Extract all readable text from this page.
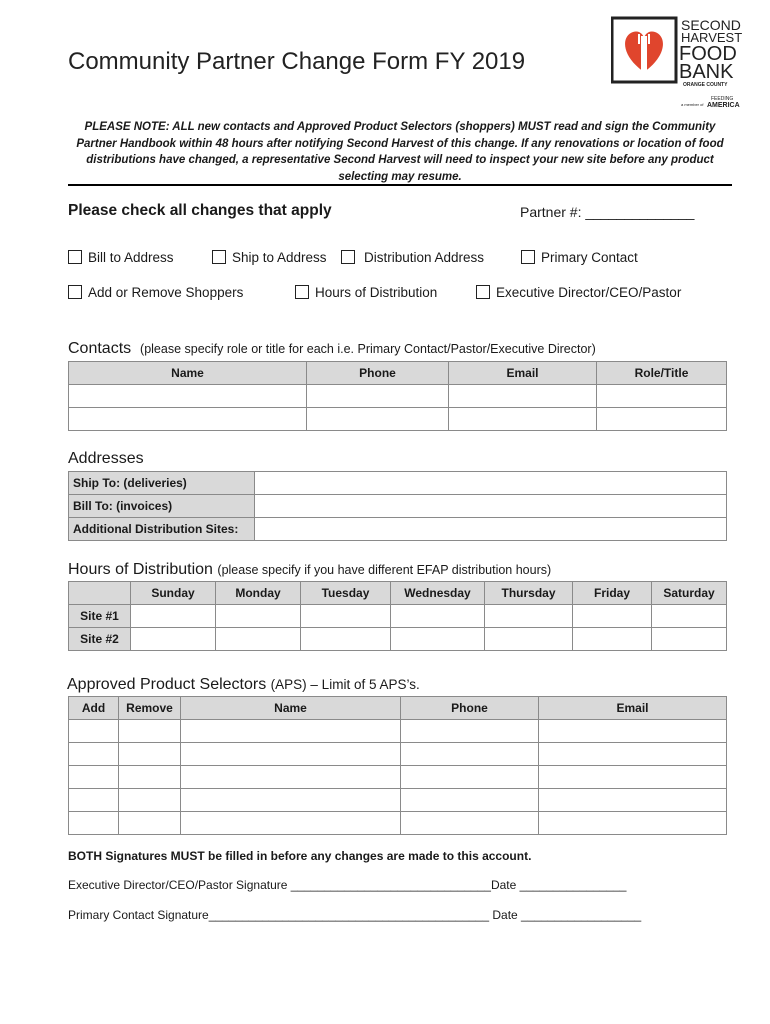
Community Partner Change Form FY 2019
SECOND
HARVEST
FOOD
BANK
ORANGE COUNTY
a member of
FEEDING
AMERICA
PLEASE NOTE: ALL new contacts and Approved Product Selectors (shoppers) MUST read and sign the Community Partner Handbook within 48 hours after notifying Second Harvest of this change. If any renovations or location of food distributions have changed, a representative Second Harvest will need to inspect your new site before any product selecting may resume.
Please check all changes that apply	Partner #: ______________
Bill to Address	Ship to Address	Distribution Address	Primary Contact
Add or Remove Shoppers	Hours of Distribution	Executive Director/CEO/Pastor
Contacts (please specify role or title for each i.e. Primary Contact/Pastor/Executive Director)
Name	Phone	Email	Role/Title

Addresses
Ship To: (deliveries)	
Bill To: (invoices)	
Additional Distribution Sites:	
Hours of Distribution (please specify if you have different EFAP distribution hours)
	Sunday	Monday	Tuesday	Wednesday	Thursday	Friday	Saturday
Site #1							
Site #2							
Approved Product Selectors (APS) – Limit of 5 APS’s.
Add	Remove	Name	Phone	Email

BOTH Signatures MUST be filled in before any changes are made to this account.
Executive Director/CEO/Pastor Signature ______________________________Date ________________
Primary Contact Signature__________________________________________ Date __________________
